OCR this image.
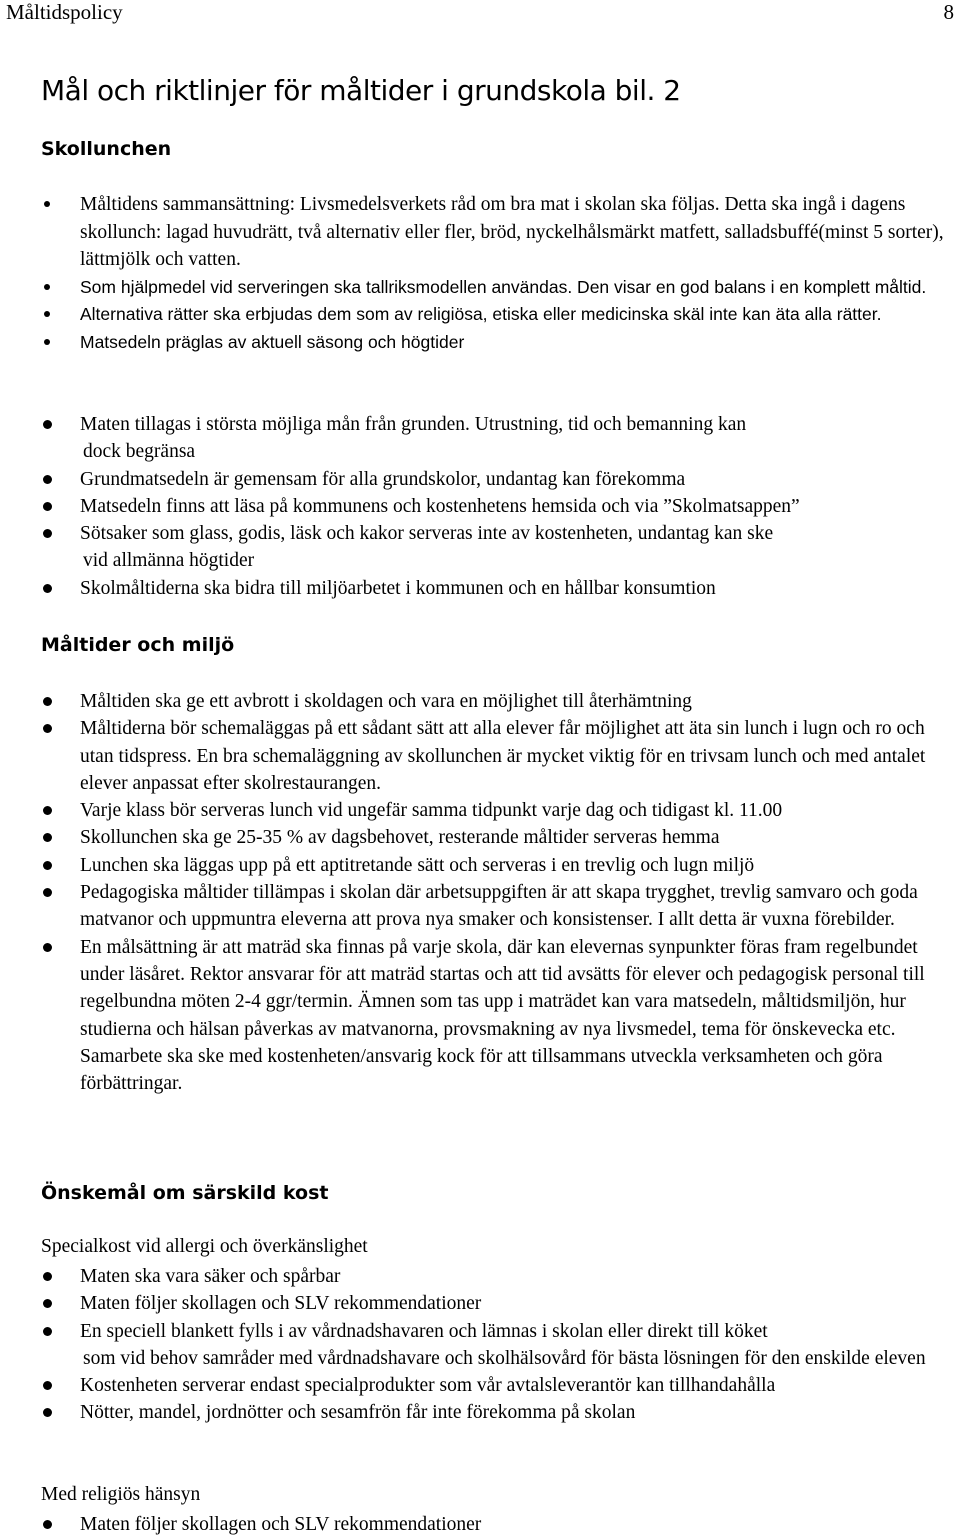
Måltidspolicy	8
Mål och riktlinjer för måltider i grundskola bil. 2
Skollunchen
Måltidens sammansättning: Livsmedelsverkets råd om bra mat i skolan ska följas. Detta ska ingå i dagens skollunch: lagad huvudrätt, två alternativ eller fler, bröd, nyckelhålsmärkt matfett, salladsbuffé(minst 5 sorter), lättmjölk och vatten.
Som hjälpmedel vid serveringen ska tallriksmodellen användas. Den visar en god balans i en komplett måltid.
Alternativa rätter ska erbjudas dem som av religiösa, etiska eller medicinska skäl inte kan äta alla rätter.
Matsedeln präglas av aktuell säsong och högtider
Maten tillagas i största möjliga mån från grunden. Utrustning, tid och bemanning kan
dock begränsa
Grundmatsedeln är gemensam för alla grundskolor, undantag kan förekomma
Matsedeln finns att läsa på kommunens och kostenhetens hemsida och via ”Skolmatsappen”
Sötsaker som glass, godis, läsk och kakor serveras inte av kostenheten, undantag kan ske
vid allmänna högtider
Skolmåltiderna ska bidra till miljöarbetet i kommunen och en hållbar konsumtion
Måltider och miljö
Måltiden ska ge ett avbrott i skoldagen och vara en möjlighet till återhämtning
Måltiderna bör schemaläggas på ett sådant sätt att alla elever får möjlighet att äta sin lunch i lugn och ro och utan tidspress. En bra schemaläggning av skollunchen är mycket viktig för en trivsam lunch och med antalet elever anpassat efter skolrestaurangen.
Varje klass bör serveras lunch vid ungefär samma tidpunkt varje dag och tidigast kl. 11.00
Skollunchen ska ge 25-35 % av dagsbehovet, resterande måltider serveras hemma
Lunchen ska läggas upp på ett aptitretande sätt och serveras i en trevlig och lugn miljö
Pedagogiska måltider tillämpas i skolan där arbetsuppgiften är att skapa trygghet, trevlig samvaro och goda matvanor och uppmuntra eleverna att prova nya smaker och konsistenser. I allt detta är vuxna förebilder.
En målsättning är att maträd ska finnas på varje skola, där kan elevernas synpunkter föras fram regelbundet under läsåret. Rektor ansvarar för att maträd startas och att tid avsätts för elever och pedagogisk personal till regelbundna möten 2-4 ggr/termin. Ämnen som tas upp i maträdet kan vara matsedeln, måltidsmiljön, hur studierna och hälsan påverkas av matvanorna, provsmakning av nya livsmedel, tema för önskevecka etc. Samarbete ska ske med kostenheten/ansvarig kock för att tillsammans utveckla verksamheten och göra förbättringar.
Önskemål om särskild kost

Specialkost vid allergi och överkänslighet

Maten ska vara säker och spårbar
Maten följer skollagen och SLV rekommendationer
En speciell blankett fylls i av vårdnadshavaren och lämnas i skolan eller direkt till köket
som vid behov samråder med vårdnadshavare och skolhälsovård för bästa lösningen för den enskilde eleven
Kostenheten serverar endast specialprodukter som vår avtalsleverantör kan tillhandahålla
Nötter, mandel, jordnötter och sesamfrön får inte förekomma på skolan

Med religiös hänsyn

Maten följer skollagen och SLV rekommendationer
